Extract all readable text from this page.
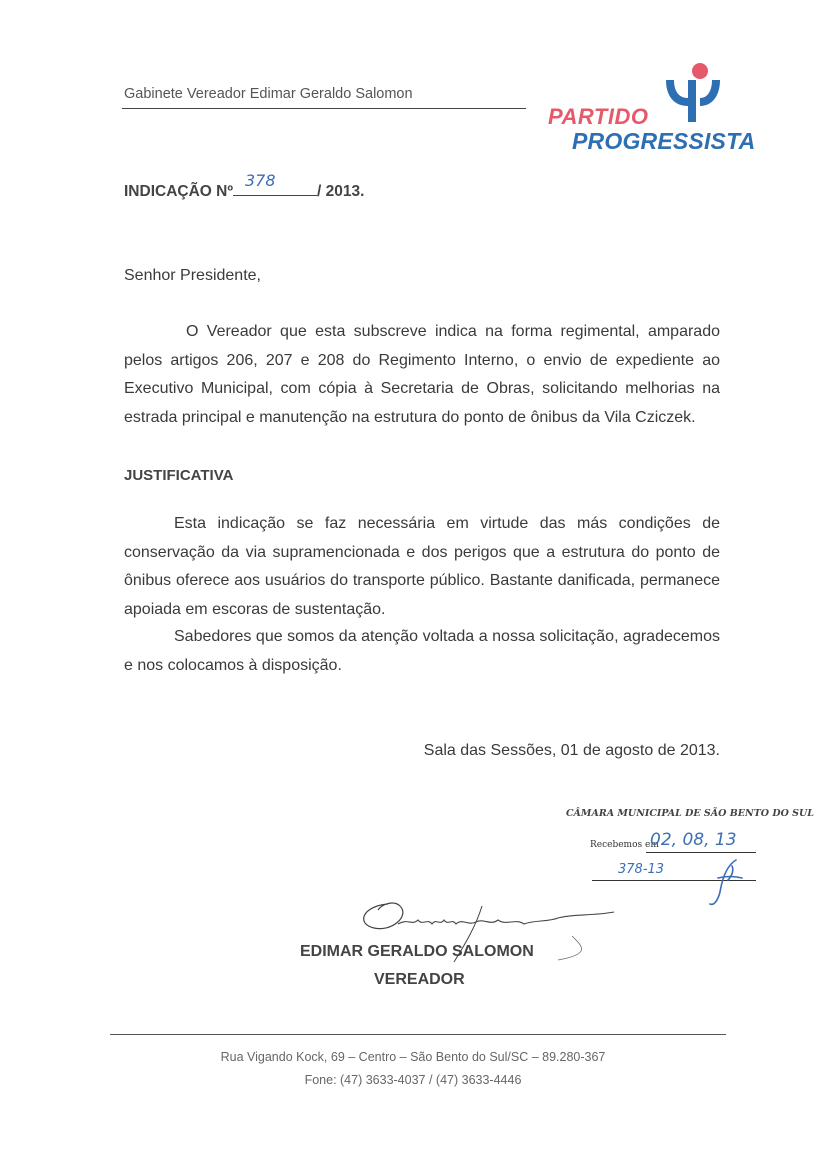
Gabinete Vereador Edimar Geraldo Salomon
PARTIDO
PROGRESSISTA
INDICAÇÃO Nº
378
/ 2013.
Senhor Presidente,
O Vereador que esta subscreve indica na forma regimental, amparado pelos artigos 206, 207 e 208 do Regimento Interno, o envio de expediente ao Executivo Municipal, com cópia à Secretaria de Obras, solicitando melhorias na estrada principal e manutenção na estrutura do ponto de ônibus da Vila Cziczek.
JUSTIFICATIVA
Esta indicação se faz necessária em virtude das más condições de conservação da via supramencionada e dos perigos que a estrutura do ponto de ônibus oferece aos usuários do transporte público. Bastante danificada, permanece apoiada em escoras de sustentação.
Sabedores que somos da atenção voltada a nossa solicitação, agradecemos e nos colocamos à disposição.
Sala das Sessões, 01 de agosto de 2013.
CÂMARA MUNICIPAL DE SÃO BENTO DO SUL
Recebemos em
02, 08, 13
378-13
EDIMAR GERALDO SALOMON
VEREADOR
Rua Vigando Kock, 69 – Centro – São Bento do Sul/SC – 89.280-367
Fone: (47) 3633-4037 / (47) 3633-4446
